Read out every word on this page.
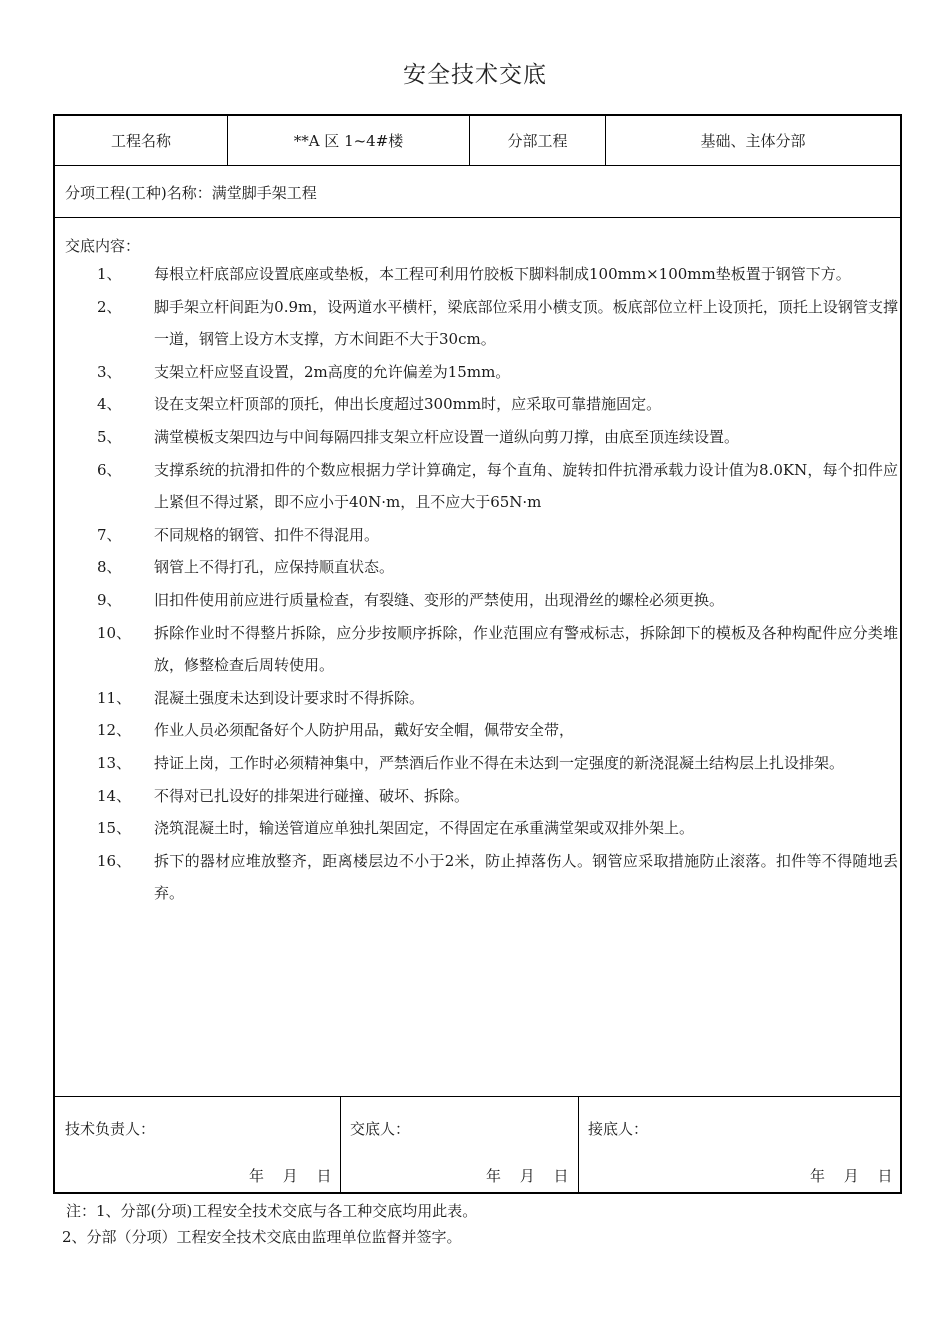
安全技术交底
工程名称	**A 区 1~4#楼	分部工程	基础、主体分部
分项工程(工种)名称：满堂脚手架工程
交底内容：
1、 每根立杆底部应设置底座或垫板，本工程可利用竹胶板下脚料制成100mm×100mm垫板置于钢管下方。
2、 脚手架立杆间距为0.9m，设两道水平横杆，梁底部位采用小横支顶。板底部位立杆上设顶托，顶托上设钢管支撑一道，钢管上设方木支撑，方木间距不大于30cm。
3、 支架立杆应竖直设置，2m高度的允许偏差为15mm。
4、 设在支架立杆顶部的顶托，伸出长度超过300mm时，应采取可靠措施固定。
5、 满堂模板支架四边与中间每隔四排支架立杆应设置一道纵向剪刀撑，由底至顶连续设置。
6、 支撑系统的抗滑扣件的个数应根据力学计算确定，每个直角、旋转扣件抗滑承载力设计值为8.0KN，每个扣件应上紧但不得过紧，即不应小于40N·m，且不应大于65N·m
7、 不同规格的钢管、扣件不得混用。
8、 钢管上不得打孔，应保持顺直状态。
9、 旧扣件使用前应进行质量检查，有裂缝、变形的严禁使用，出现滑丝的螺栓必须更换。
10、 拆除作业时不得整片拆除，应分步按顺序拆除，作业范围应有警戒标志，拆除卸下的模板及各种构配件应分类堆放，修整检查后周转使用。
11、 混凝土强度未达到设计要求时不得拆除。
12、 作业人员必须配备好个人防护用品，戴好安全帽，佩带安全带，
13、 持证上岗，工作时必须精神集中，严禁酒后作业不得在未达到一定强度的新浇混凝土结构层上扎设排架。
14、 不得对已扎设好的排架进行碰撞、破坏、拆除。
15、 浇筑混凝土时，输送管道应单独扎架固定，不得固定在承重满堂架或双排外架上。
16、 拆下的器材应堆放整齐，距离楼层边不小于2米，防止掉落伤人。钢管应采取措施防止滚落。扣件等不得随地丢弃。
技术负责人：
年 月 日
交底人：
年 月 日
接底人：
年 月 日
注：1、分部(分项)工程安全技术交底与各工种交底均用此表。
2、分部（分项）工程安全技术交底由监理单位监督并签字。
